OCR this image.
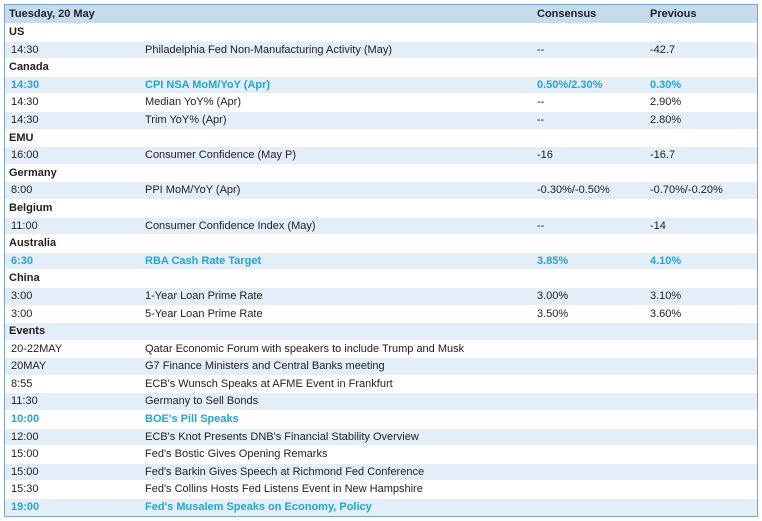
Tuesday, 20 May	Consensus	Previous
US
14:30	Philadelphia Fed Non-Manufacturing Activity (May)	--	-42.7
Canada
14:30	CPI NSA MoM/YoY (Apr)	0.50%/2.30%	0.30%
14:30	Median YoY% (Apr)	--	2.90%
14:30	Trim YoY% (Apr)	--	2.80%
EMU
16:00	Consumer Confidence (May P)	-16	-16.7
Germany
8:00	PPI MoM/YoY (Apr)	-0.30%/-0.50%	-0.70%/-0.20%
Belgium
11:00	Consumer Confidence Index (May)	--	-14
Australia
6:30	RBA Cash Rate Target	3.85%	4.10%
China
3:00	1-Year Loan Prime Rate	3.00%	3.10%
3:00	5-Year Loan Prime Rate	3.50%	3.60%
Events
20-22MAY	Qatar Economic Forum with speakers to include Trump and Musk
20MAY	G7 Finance Ministers and Central Banks meeting
8:55	ECB's Wunsch Speaks at AFME Event in Frankfurt
11:30	Germany to Sell Bonds
10:00	BOE's Pill Speaks
12:00	ECB's Knot Presents DNB's Financial Stability Overview
15:00	Fed's Bostic Gives Opening Remarks
15:00	Fed's Barkin Gives Speech at Richmond Fed Conference
15:30	Fed's Collins Hosts Fed Listens Event in New Hampshire
19:00	Fed's Musalem Speaks on Economy, Policy
